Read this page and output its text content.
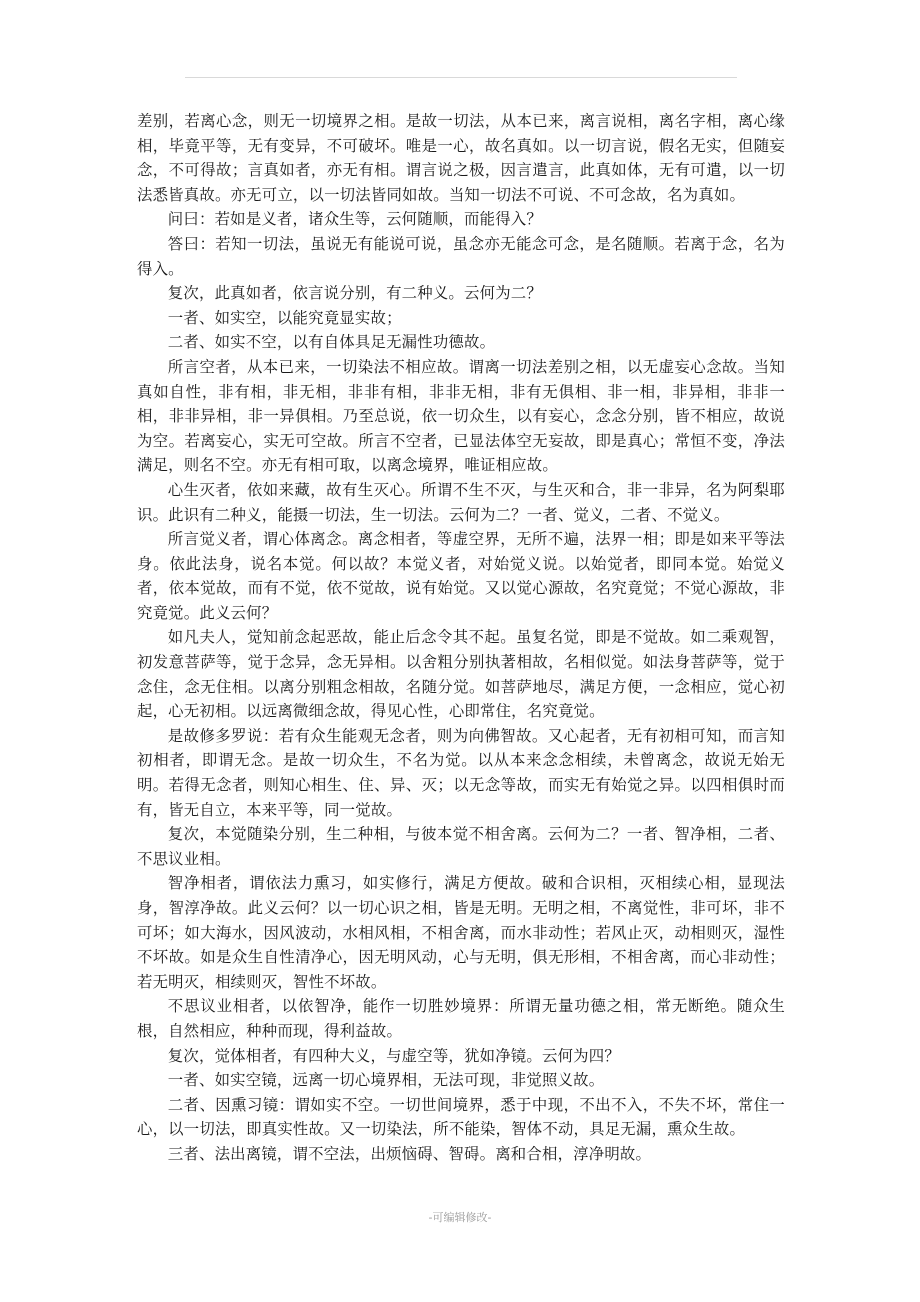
差别，若离心念，则无一切境界之相。是故一切法，从本已来，离言说相，离名字相，离心缘相，毕竟平等，无有变异，不可破坏。唯是一心，故名真如。以一切言说，假名无实，但随妄念，不可得故；言真如者，亦无有相。谓言说之极，因言遣言，此真如体，无有可遣，以一切法悉皆真故。亦无可立，以一切法皆同如故。当知一切法不可说、不可念故，名为真如。

问曰：若如是义者，诸众生等，云何随顺，而能得入？

答曰：若知一切法，虽说无有能说可说，虽念亦无能念可念，是名随顺。若离于念，名为得入。

复次，此真如者，依言说分别，有二种义。云何为二？

一者、如实空，以能究竟显实故；

二者、如实不空，以有自体具足无漏性功德故。

所言空者，从本已来，一切染法不相应故。谓离一切法差别之相，以无虚妄心念故。当知真如自性，非有相，非无相，非非有相，非非无相，非有无俱相、非一相，非异相，非非一相，非非异相，非一异俱相。乃至总说，依一切众生，以有妄心，念念分别，皆不相应，故说为空。若离妄心，实无可空故。所言不空者，已显法体空无妄故，即是真心；常恒不变，净法满足，则名不空。亦无有相可取，以离念境界，唯证相应故。

心生灭者，依如来藏，故有生灭心。所谓不生不灭，与生灭和合，非一非异，名为阿梨耶识。此识有二种义，能摄一切法，生一切法。云何为二？一者、觉义，二者、不觉义。

所言觉义者，谓心体离念。离念相者，等虚空界，无所不遍，法界一相；即是如来平等法身。依此法身，说名本觉。何以故？本觉义者，对始觉义说。以始觉者，即同本觉。始觉义者，依本觉故，而有不觉，依不觉故，说有始觉。又以觉心源故，名究竟觉；不觉心源故，非究竟觉。此义云何？

如凡夫人，觉知前念起恶故，能止后念令其不起。虽复名觉，即是不觉故。如二乘观智，初发意菩萨等，觉于念异，念无异相。以舍粗分别执著相故，名相似觉。如法身菩萨等，觉于念住，念无住相。以离分别粗念相故，名随分觉。如菩萨地尽，满足方便，一念相应，觉心初起，心无初相。以远离微细念故，得见心性，心即常住，名究竟觉。

是故修多罗说：若有众生能观无念者，则为向佛智故。又心起者，无有初相可知，而言知初相者，即谓无念。是故一切众生，不名为觉。以从本来念念相续，未曾离念，故说无始无明。若得无念者，则知心相生、住、异、灭；以无念等故，而实无有始觉之异。以四相俱时而有，皆无自立，本来平等，同一觉故。

复次，本觉随染分别，生二种相，与彼本觉不相舍离。云何为二？一者、智净相，二者、不思议业相。

智净相者，谓依法力熏习，如实修行，满足方便故。破和合识相，灭相续心相，显现法身，智淳净故。此义云何？以一切心识之相，皆是无明。无明之相，不离觉性，非可坏，非不可坏；如大海水，因风波动，水相风相，不相舍离，而水非动性；若风止灭，动相则灭，湿性不坏故。如是众生自性清净心，因无明风动，心与无明，俱无形相，不相舍离，而心非动性；若无明灭，相续则灭，智性不坏故。

不思议业相者，以依智净，能作一切胜妙境界：所谓无量功德之相，常无断绝。随众生根，自然相应，种种而现，得利益故。

复次，觉体相者，有四种大义，与虚空等，犹如净镜。云何为四？

一者、如实空镜，远离一切心境界相，无法可现，非觉照义故。

二者、因熏习镜：谓如实不空。一切世间境界，悉于中现，不出不入，不失不坏，常住一心，以一切法，即真实性故。又一切染法，所不能染，智体不动，具足无漏，熏众生故。

三者、法出离镜，谓不空法，出烦恼碍、智碍。离和合相，淳净明故。

-可编辑修改-
